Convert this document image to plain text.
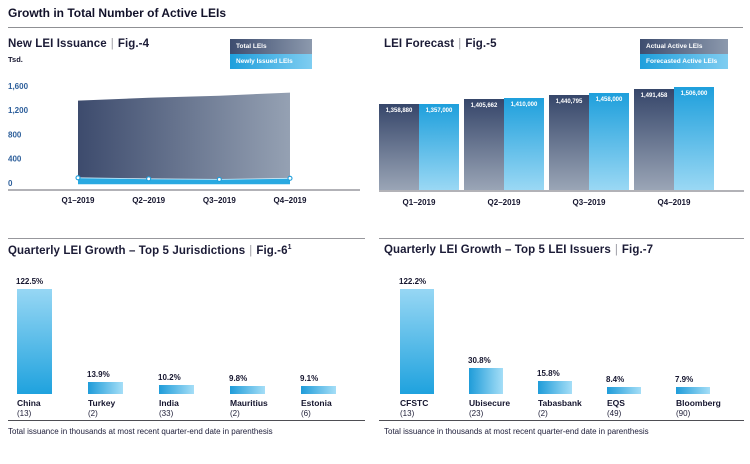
Growth in Total Number of Active LEIs
New LEI Issuance | Fig.-4	Total LEIs
Newly Issued LEIs
Tsd.
1,600
1,200
800
400
0
Q1–2019	Q2–2019	Q3–2019	Q4–2019
LEI Forecast | Fig.-5	Actual Active LEIs
Forecasted Active LEIs
1,358,880	1,357,000
Q1–2019
1,405,662	1,410,000
Q2–2019
1,440,795	1,458,000
Q3–2019
1,491,458	1,506,000
Q4–2019
Quarterly LEI Growth – Top 5 Jurisdictions | $Fig.-6^1$
122.5%
China
(13)
13.9%
Turkey
(2)
10.2%
India
(33)
9.8%
Mauritius
(2)
9.1%
Estonia
(6)
Total issuance in thousands at most recent quarter-end date in parenthesis
Quarterly LEI Growth – Top 5 LEI Issuers | Fig.-7
122.2%
CFSTC
(13)
30.8%
Ubisecure
(23)
15.8%
Tabasbank
(2)
8.4%
EQS
(49)
7.9%
Bloomberg
(90)
Total issuance in thousands at most recent quarter-end date in parenthesis
